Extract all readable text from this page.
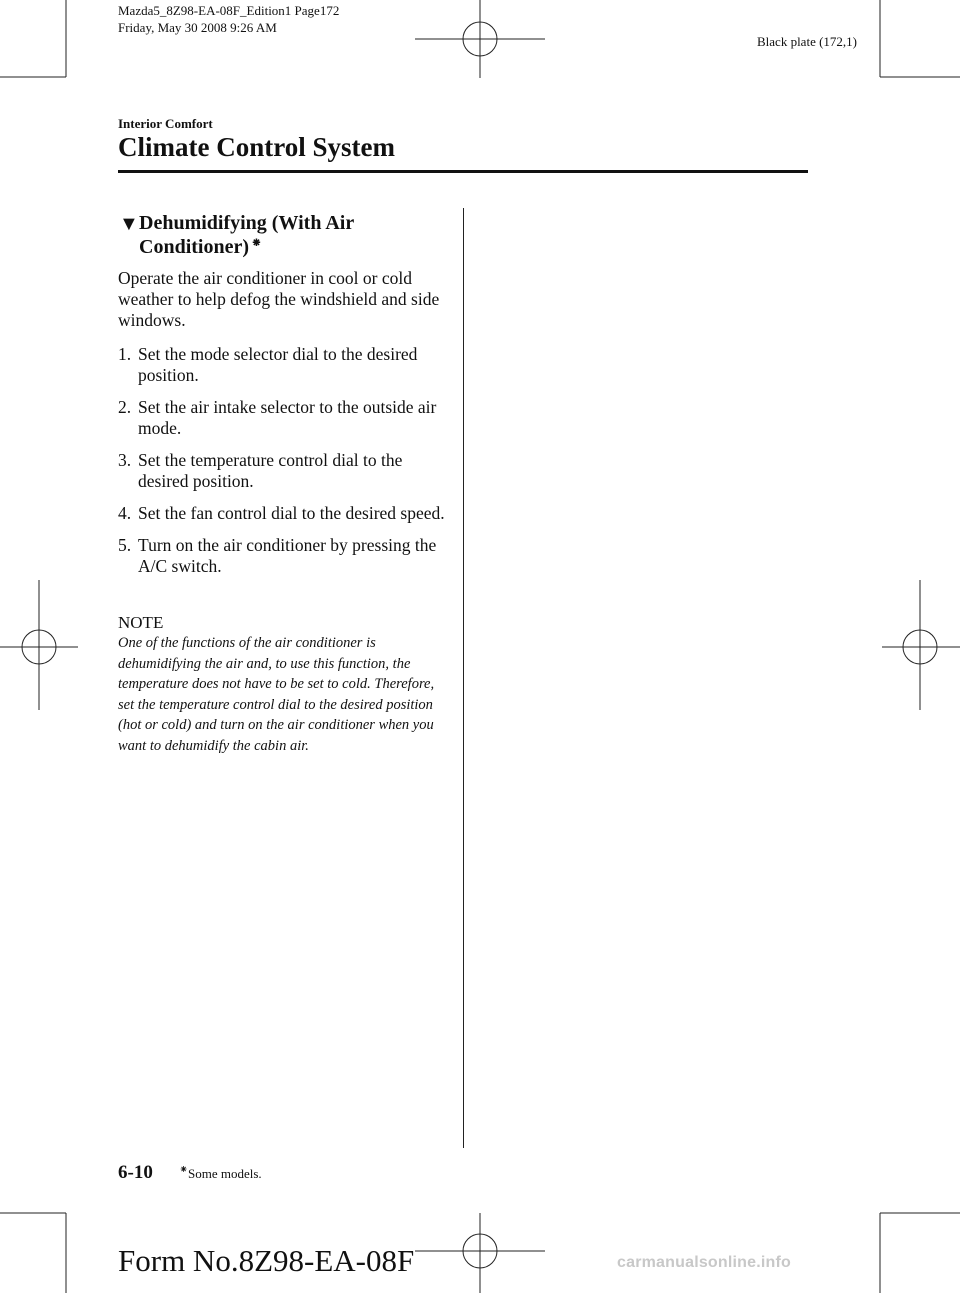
Mazda5_8Z98-EA-08F_Edition1 Page172
Friday, May 30 2008 9:26 AM
Black plate (172,1)
Interior Comfort
Climate Control System
▼ Dehumidifying (With Air
Conditioner) ⁕
Operate the air conditioner in cool or cold weather to help defog the windshield and side windows.
1. Set the mode selector dial to the desired position.
2. Set the air intake selector to the outside air mode.
3. Set the temperature control dial to the desired position.
4. Set the fan control dial to the desired speed.
5. Turn on the air conditioner by pressing the A/C switch.
NOTE
One of the functions of the air conditioner is dehumidifying the air and, to use this function, the temperature does not have to be set to cold. Therefore, set the temperature control dial to the desired position (hot or cold) and turn on the air conditioner when you want to dehumidify the cabin air.
6-10 ⁕ Some models.
Form No.8Z98-EA-08F	carmanualsonline.info
